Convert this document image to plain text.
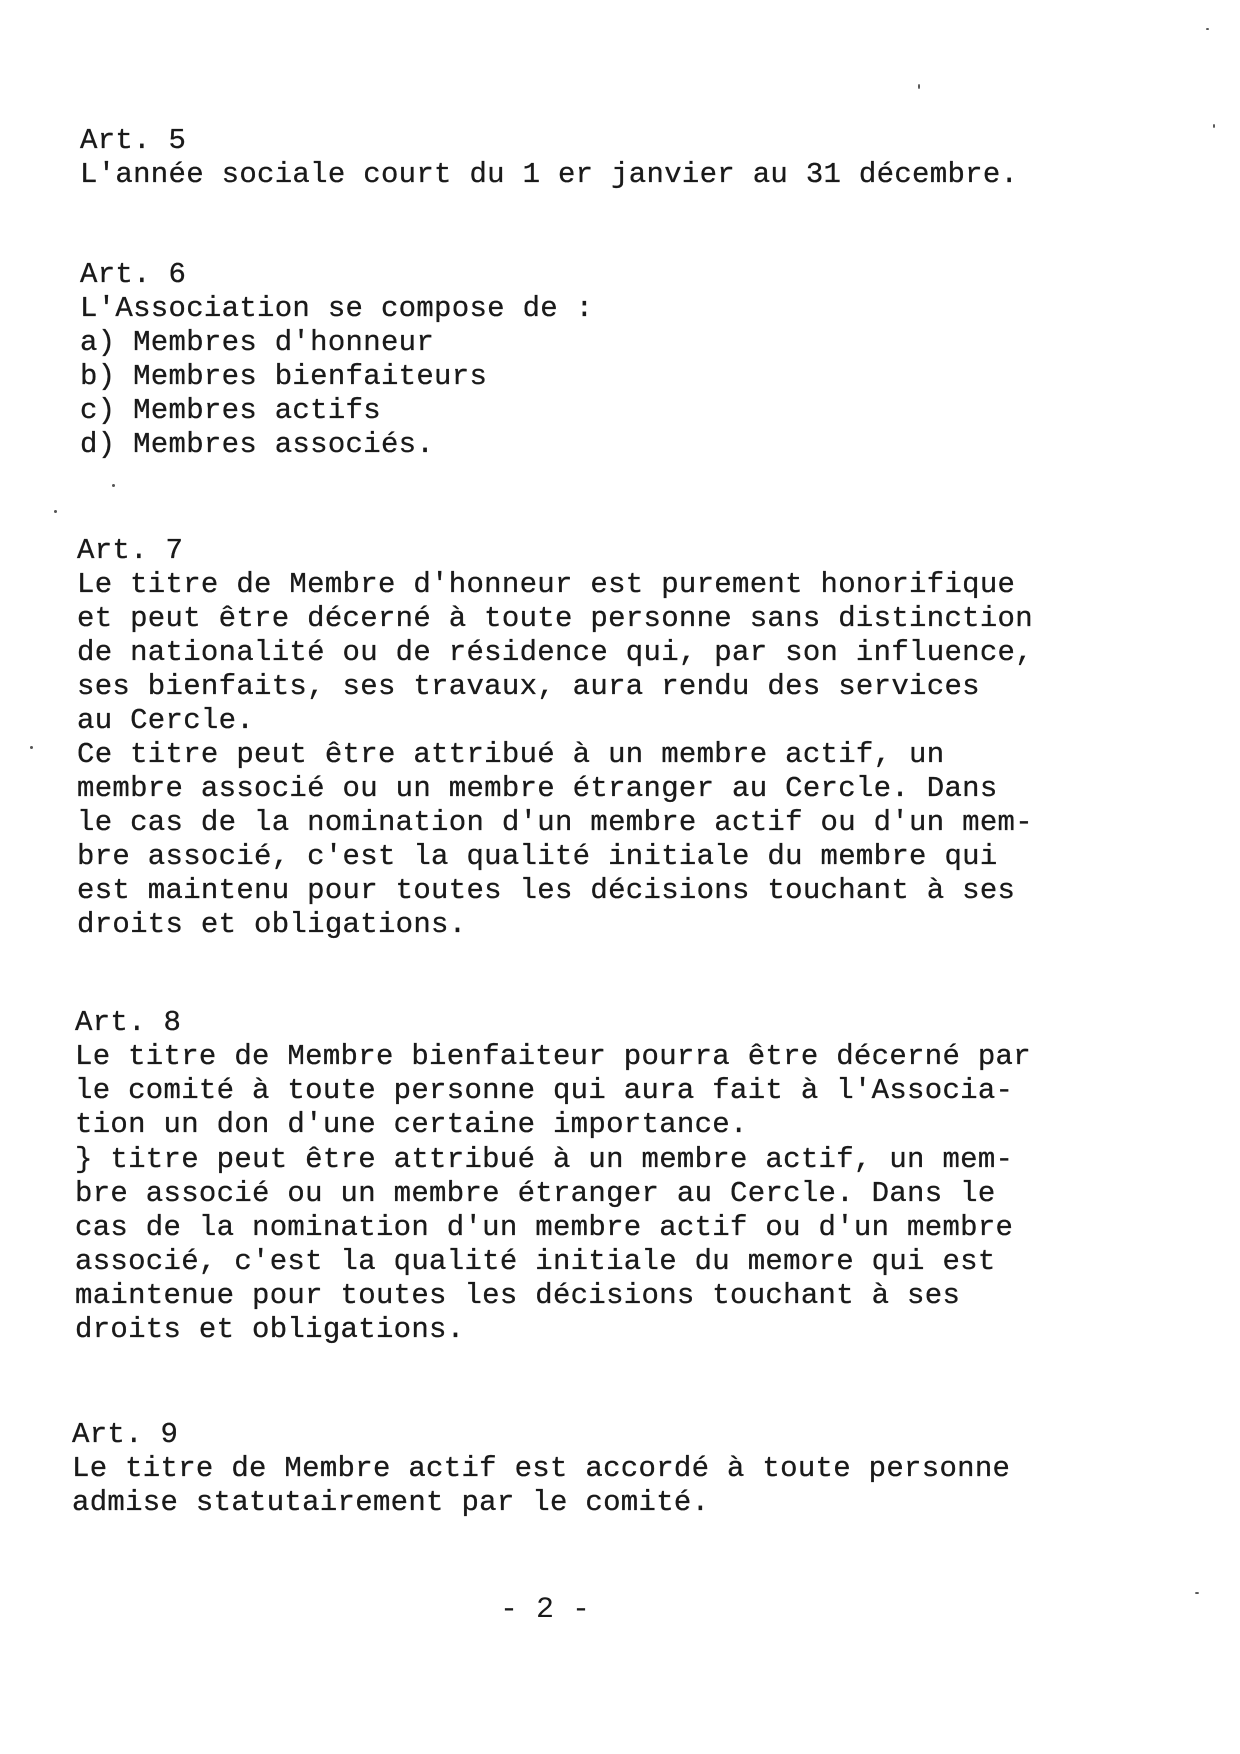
Art. 5
L'année sociale court du 1 er janvier au 31 décembre.
Art. 6
L'Association se compose de :
a) Membres d'honneur
b) Membres bienfaiteurs
c) Membres actifs
d) Membres associés.
Art. 7
Le titre de Membre d'honneur est purement honorifique
et peut être décerné à toute personne sans distinction
de nationalité ou de résidence qui, par son influence,
ses bienfaits, ses travaux, aura rendu des services
au Cercle.
Ce titre peut être attribué à un membre actif, un
membre associé ou un membre étranger au Cercle. Dans
le cas de la nomination d'un membre actif ou d'un mem-
bre associé, c'est la qualité initiale du membre qui
est maintenu pour toutes les décisions touchant à ses
droits et obligations.
Art. 8
Le titre de Membre bienfaiteur pourra être décerné par
le comité à toute personne qui aura fait à l'Associa-
tion un don d'une certaine importance.
} titre peut être attribué à un membre actif, un mem-
bre associé ou un membre étranger au Cercle. Dans le
cas de la nomination d'un membre actif ou d'un membre
associé, c'est la qualité initiale du memore qui est
maintenue pour toutes les décisions touchant à ses
droits et obligations.
Art. 9
Le titre de Membre actif est accordé à toute personne
admise statutairement par le comité.
- 2 -
